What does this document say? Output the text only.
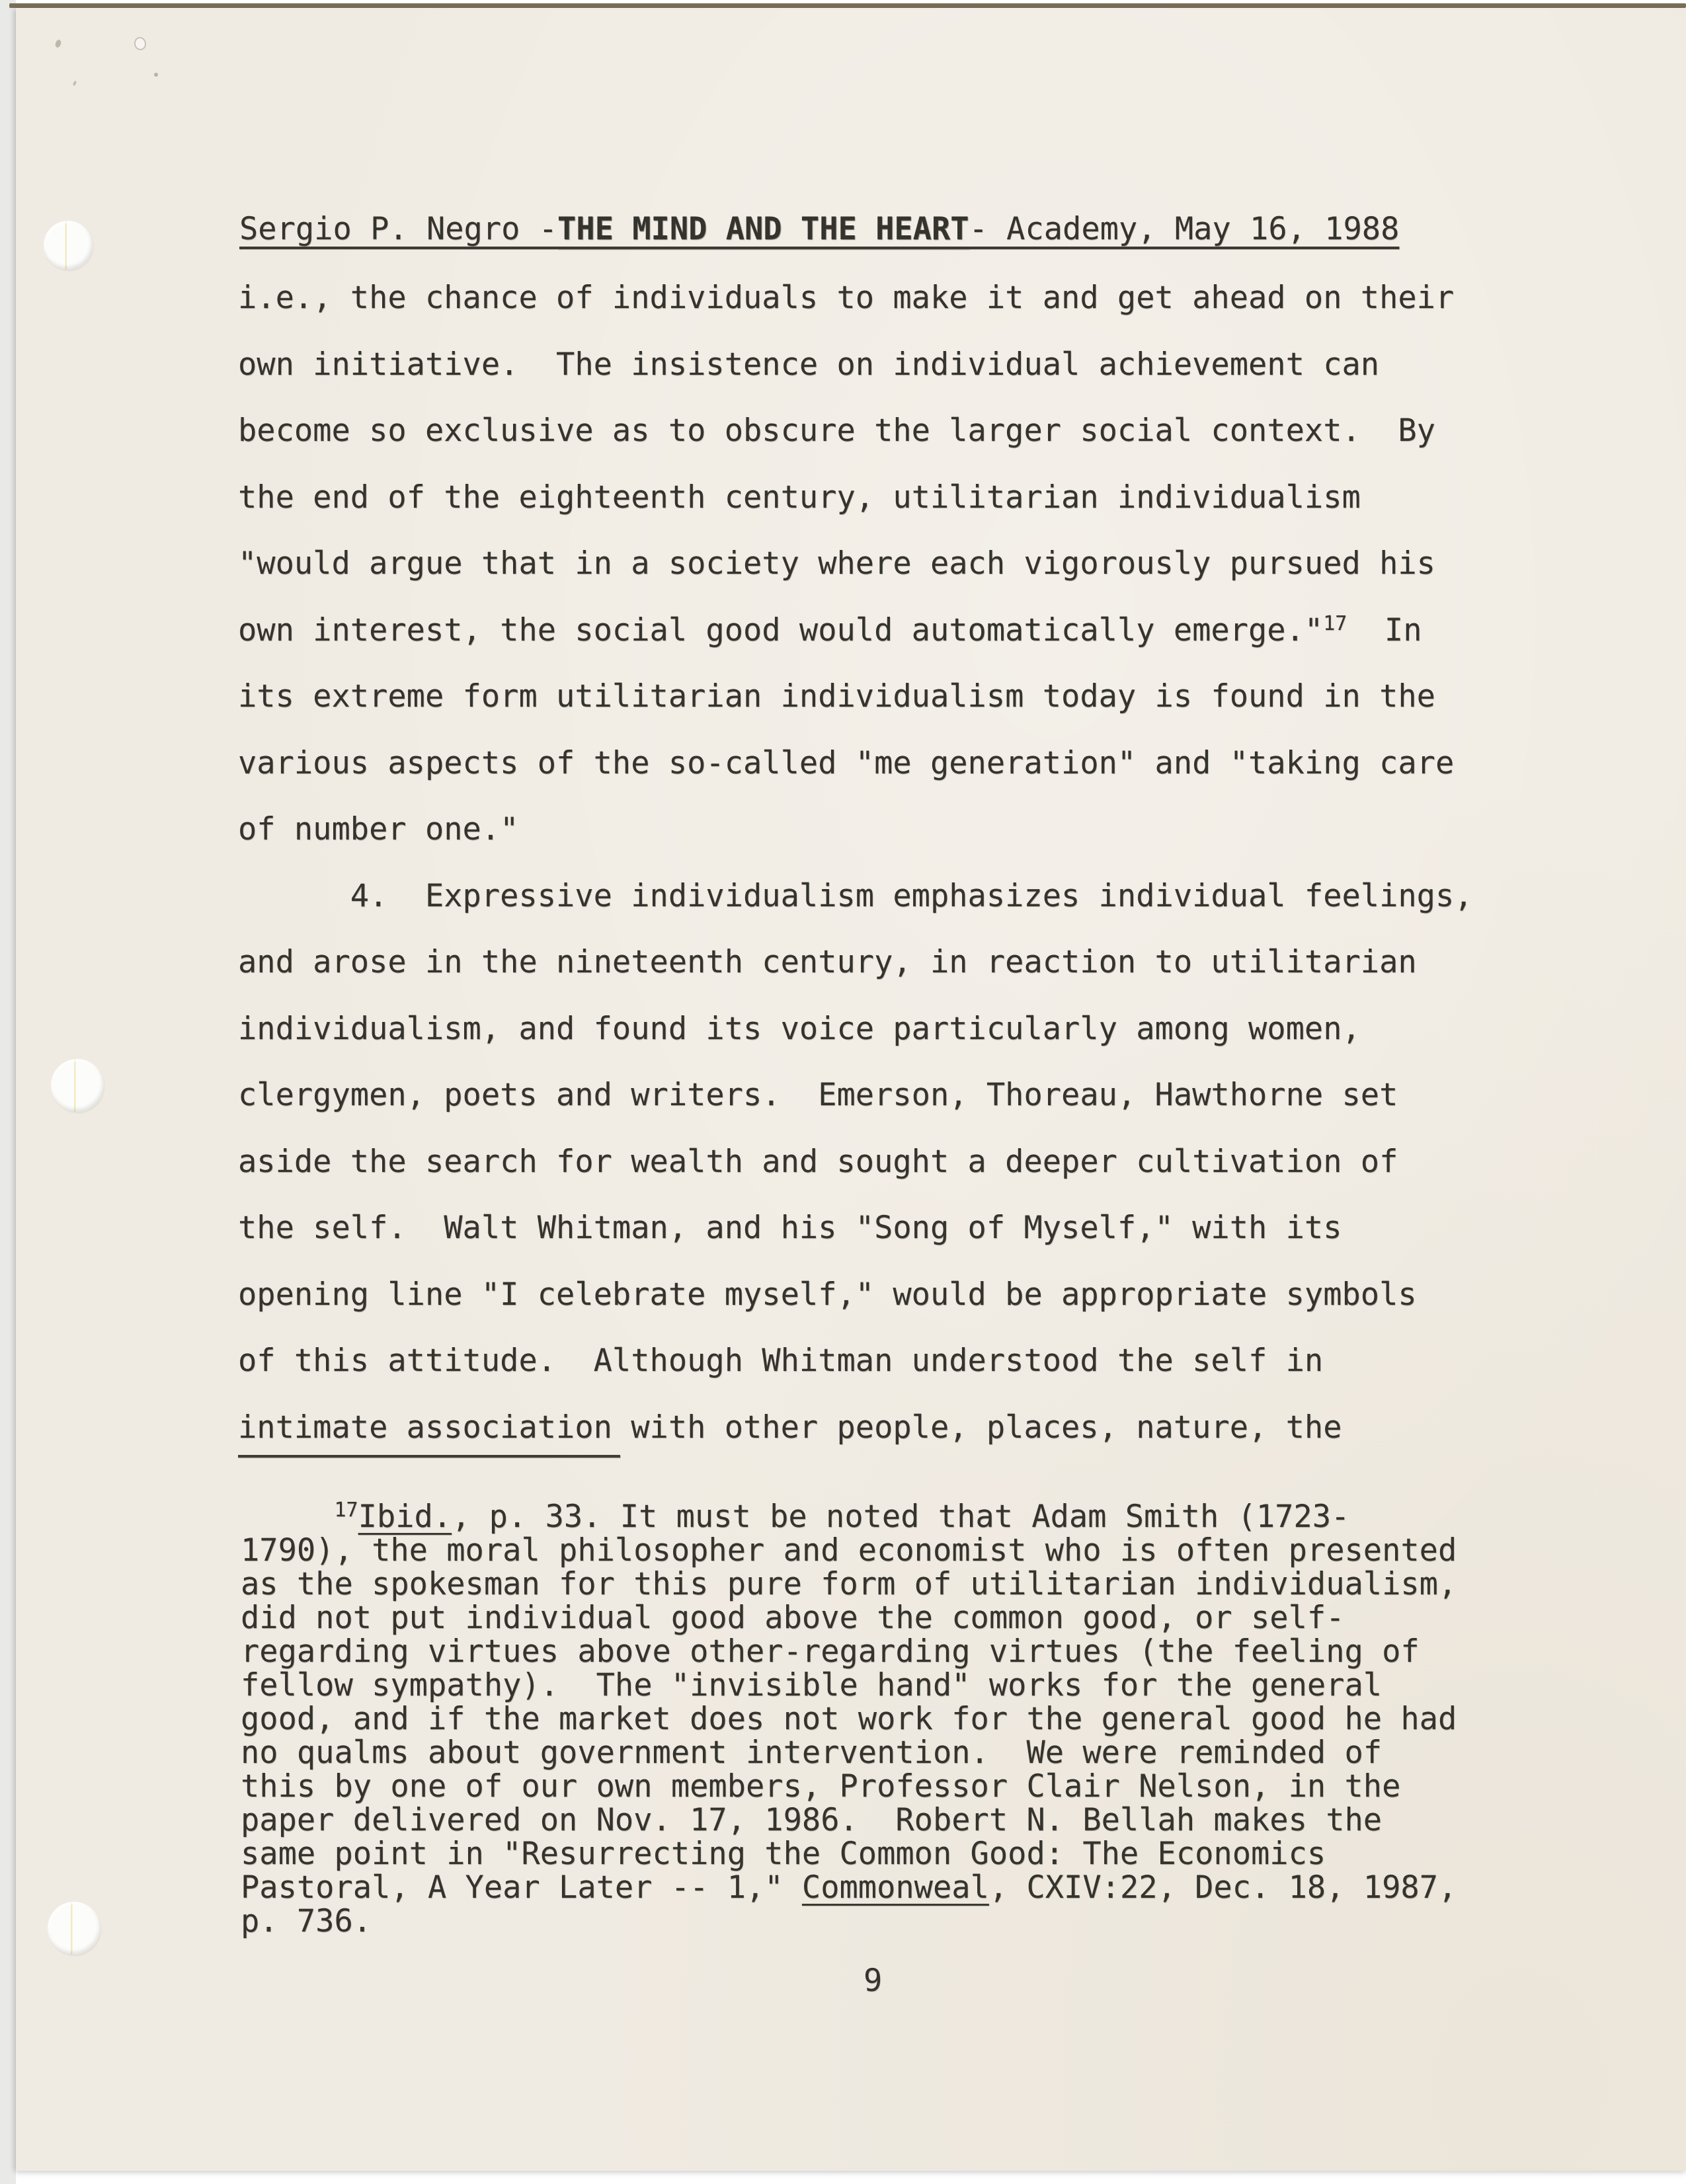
Sergio P. Negro -THE MIND AND THE HEART- Academy, May 16, 1988
i.e., the chance of individuals to make it and get ahead on their
own initiative.  The insistence on individual achievement can
become so exclusive as to obscure the larger social context.  By
the end of the eighteenth century, utilitarian individualism
"would argue that in a society where each vigorously pursued his
own interest, the social good would automatically emerge."$^{17}$  In
its extreme form utilitarian individualism today is found in the
various aspects of the so-called "me generation" and "taking care
of number one."
4.  Expressive individualism emphasizes individual feelings,
and arose in the nineteenth century, in reaction to utilitarian
individualism, and found its voice particularly among women,
clergymen, poets and writers.  Emerson, Thoreau, Hawthorne set
aside the search for wealth and sought a deeper cultivation of
the self.  Walt Whitman, and his "Song of Myself," with its
opening line "I celebrate myself," would be appropriate symbols
of this attitude.  Although Whitman understood the self in
intimate association with other people, places, nature, the
$^{17}$Ibid., p. 33. It must be noted that Adam Smith (1723-
1790), the moral philosopher and economist who is often presented
as the spokesman for this pure form of utilitarian individualism,
did not put individual good above the common good, or self-
regarding virtues above other-regarding virtues (the feeling of
fellow sympathy).  The "invisible hand" works for the general
good, and if the market does not work for the general good he had
no qualms about government intervention.  We were reminded of
this by one of our own members, Professor Clair Nelson, in the
paper delivered on Nov. 17, 1986.  Robert N. Bellah makes the
same point in "Resurrecting the Common Good: The Economics
Pastoral, A Year Later -- 1," Commonweal, CXIV:22, Dec. 18, 1987,
p. 736.
9
